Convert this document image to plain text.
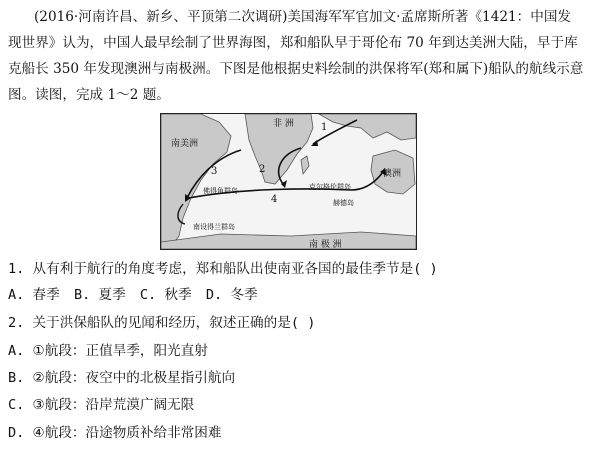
(2016·河南许昌、新乡、平顶第二次调研)美国海军军官加文·孟席斯所著《1421：中国发现世界》认为，中国人最早绘制了世界海图，郑和船队早于哥伦布 70 年到达美洲大陆，早于库克船长 350 年发现澳洲与南极洲。下图是他根据史料绘制的洪保将军(郑和属下)船队的航线示意图。读图，完成 1～2 题。

非 洲
南美洲
澳洲
南 极 洲
佛得角群岛	克尔格伦群岛
赫德岛
南设得兰群岛
1
2
3
4
1. 从有利于航行的角度考虑，郑和船队出使南亚各国的最佳季节是( )
A. 春季 B. 夏季 C. 秋季 D. 冬季
2. 关于洪保船队的见闻和经历，叙述正确的是( )
A. ①航段：正值旱季，阳光直射
B. ②航段：夜空中的北极星指引航向
C. ③航段：沿岸荒漠广阔无限
D. ④航段：沿途物质补给非常困难
